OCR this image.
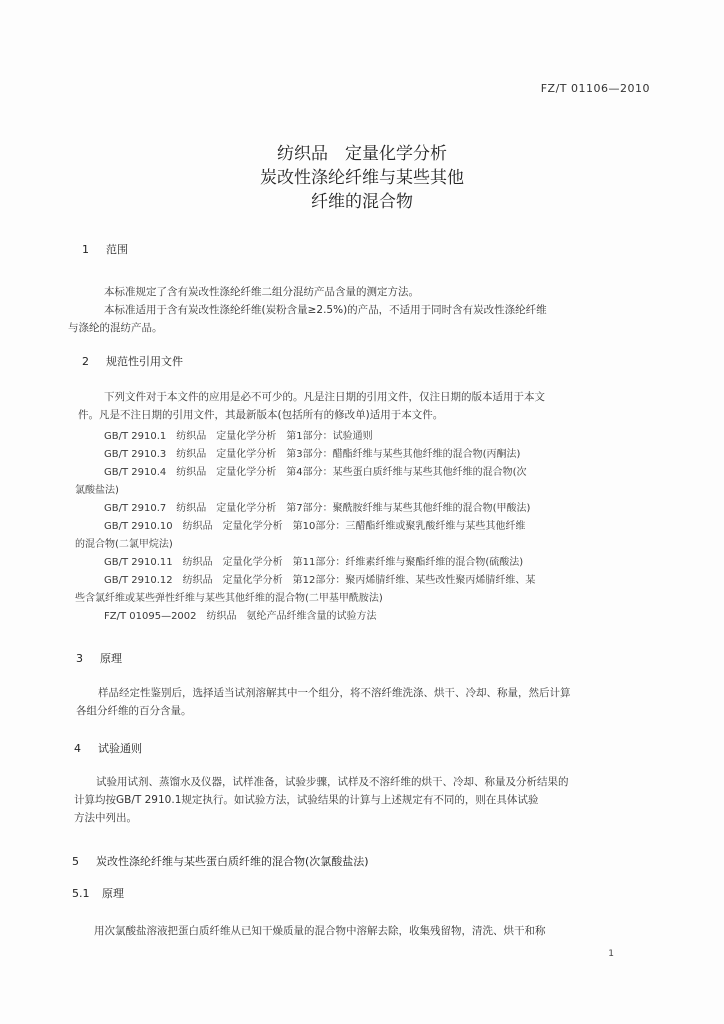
FZ/T 01106—2010
纺织品　定量化学分析
炭改性涤纶纤维与某些其他
纤维的混合物
1 范围
本标准规定了含有炭改性涤纶纤维二组分混纺产品含量的测定方法。
本标准适用于含有炭改性涤纶纤维(炭粉含量≥2.5%)的产品，不适用于同时含有炭改性涤纶纤维
与涤纶的混纺产品。
2 规范性引用文件
下列文件对于本文件的应用是必不可少的。凡是注日期的引用文件，仅注日期的版本适用于本文
件。凡是不注日期的引用文件，其最新版本(包括所有的修改单)适用于本文件。
GB/T 2910.1　纺织品　定量化学分析　第1部分：试验通则
GB/T 2910.3　纺织品　定量化学分析　第3部分：醋酯纤维与某些其他纤维的混合物(丙酮法)
GB/T 2910.4　纺织品　定量化学分析　第4部分：某些蛋白质纤维与某些其他纤维的混合物(次
氯酸盐法)
GB/T 2910.7　纺织品　定量化学分析　第7部分：聚酰胺纤维与某些其他纤维的混合物(甲酸法)
GB/T 2910.10　纺织品　定量化学分析　第10部分：三醋酯纤维或聚乳酸纤维与某些其他纤维
的混合物(二氯甲烷法)
GB/T 2910.11　纺织品　定量化学分析　第11部分：纤维素纤维与聚酯纤维的混合物(硫酸法)
GB/T 2910.12　纺织品　定量化学分析　第12部分：聚丙烯腈纤维、某些改性聚丙烯腈纤维、某
些含氯纤维或某些弹性纤维与某些其他纤维的混合物(二甲基甲酰胺法)
FZ/T 01095—2002　纺织品　氨纶产品纤维含量的试验方法
3 原理
样品经定性鉴别后，选择适当试剂溶解其中一个组分，将不溶纤维洗涤、烘干、冷却、称量，然后计算
各组分纤维的百分含量。
4 试验通则
试验用试剂、蒸馏水及仪器，试样准备，试验步骤，试样及不溶纤维的烘干、冷却、称量及分析结果的
计算均按GB/T 2910.1规定执行。如试验方法，试验结果的计算与上述规定有不同的，则在具体试验
方法中列出。
5 炭改性涤纶纤维与某些蛋白质纤维的混合物(次氯酸盐法)
5.1 原理
用次氯酸盐溶液把蛋白质纤维从已知干燥质量的混合物中溶解去除，收集残留物，清洗、烘干和称
1
